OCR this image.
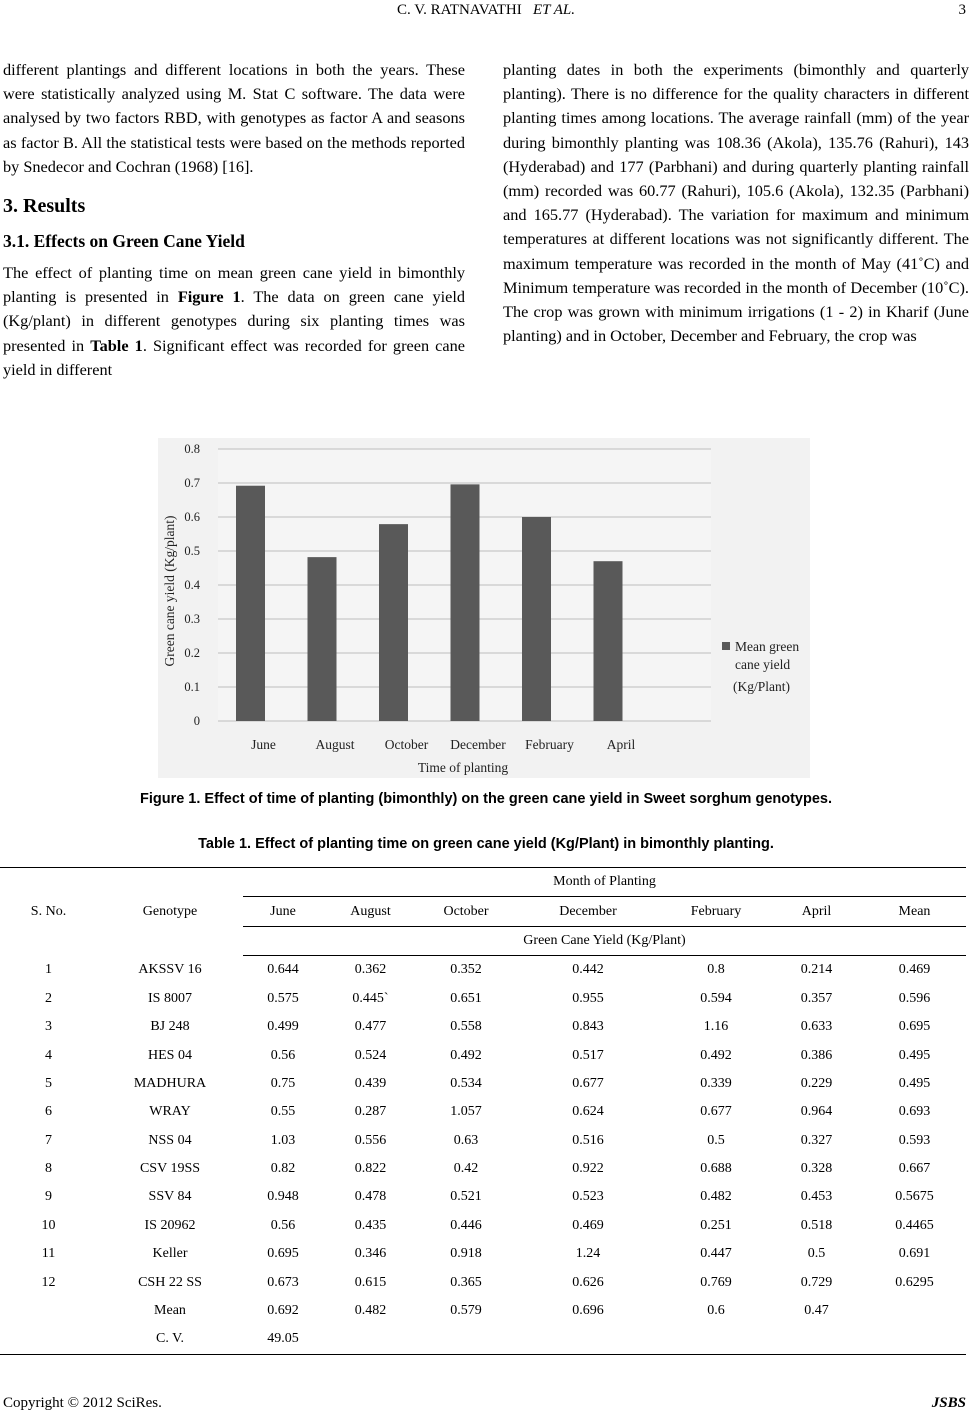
C. V. RATNAVATHI ET AL.	3

different plantings and different locations in both the years. These were statistically analyzed using M. Stat C software. The data were analysed by two factors RBD, with genotypes as factor A and seasons as factor B. All the statistical tests were based on the methods reported by Snedecor and Cochran (1968) [16].

3. Results
3.1. Effects on Green Cane Yield

The effect of planting time on mean green cane yield in bimonthly planting is presented in Figure 1. The data on green cane yield (Kg/plant) in different genotypes during six planting times was presented in Table 1. Significant effect was recorded for green cane yield in different

planting dates in both the experiments (bimonthly and quarterly planting). There is no difference for the quality characters in different planting times among locations. The average rainfall (mm) of the year during bimonthly planting was 108.36 (Akola), 135.76 (Rahuri), 143 (Hyderabad) and 177 (Parbhani) and during quarterly planting rainfall (mm) recorded was 60.77 (Rahuri), 105.6 (Akola), 132.35 (Parbhani) and 165.77 (Hyderabad). The variation for maximum and minimum temperatures at different locations was not significantly different. The maximum temperature was recorded in the month of May (41˚C) and Minimum temperature was recorded in the month of December (10˚C). The crop was grown with minimum irrigations (1 - 2) in Kharif (June planting) and in October, December and February, the crop was

0
0.1
0.2
0.3
0.4
0.5
0.6
0.7
0.8
June	August October December February April
Time of planting
Green cane yield (Kg/plant)	Mean green
cane yield
(Kg/Plant)
Figure 1. Effect of time of planting (bimonthly) on the green cane yield in Sweet sorghum genotypes.
Table 1. Effect of planting time on green cane yield (Kg/Plant) in bimonthly planting.
S. No.	Genotype	Month of Planting						
		June	August	October	December	February	April	Mean
		Green Cane Yield (Kg/Plant)						
1	AKSSV 16	0.644	0.362	0.352	0.442	0.8	0.214	0.469
2	IS 8007	0.575	0.445`	0.651	0.955	0.594	0.357	0.596
3	BJ 248	0.499	0.477	0.558	0.843	1.16	0.633	0.695
4	HES 04	0.56	0.524	0.492	0.517	0.492	0.386	0.495
5	MADHURA	0.75	0.439	0.534	0.677	0.339	0.229	0.495
6	WRAY	0.55	0.287	1.057	0.624	0.677	0.964	0.693
7	NSS 04	1.03	0.556	0.63	0.516	0.5	0.327	0.593
8	CSV 19SS	0.82	0.822	0.42	0.922	0.688	0.328	0.667
9	SSV 84	0.948	0.478	0.521	0.523	0.482	0.453	0.5675
10	IS 20962	0.56	0.435	0.446	0.469	0.251	0.518	0.4465
11	Keller	0.695	0.346	0.918	1.24	0.447	0.5	0.691
12	CSH 22 SS	0.673	0.615	0.365	0.626	0.769	0.729	0.6295
	Mean	0.692	0.482	0.579	0.696	0.6	0.47	
	C. V.	49.05						
Copyright © 2012 SciRes.	JSBS
